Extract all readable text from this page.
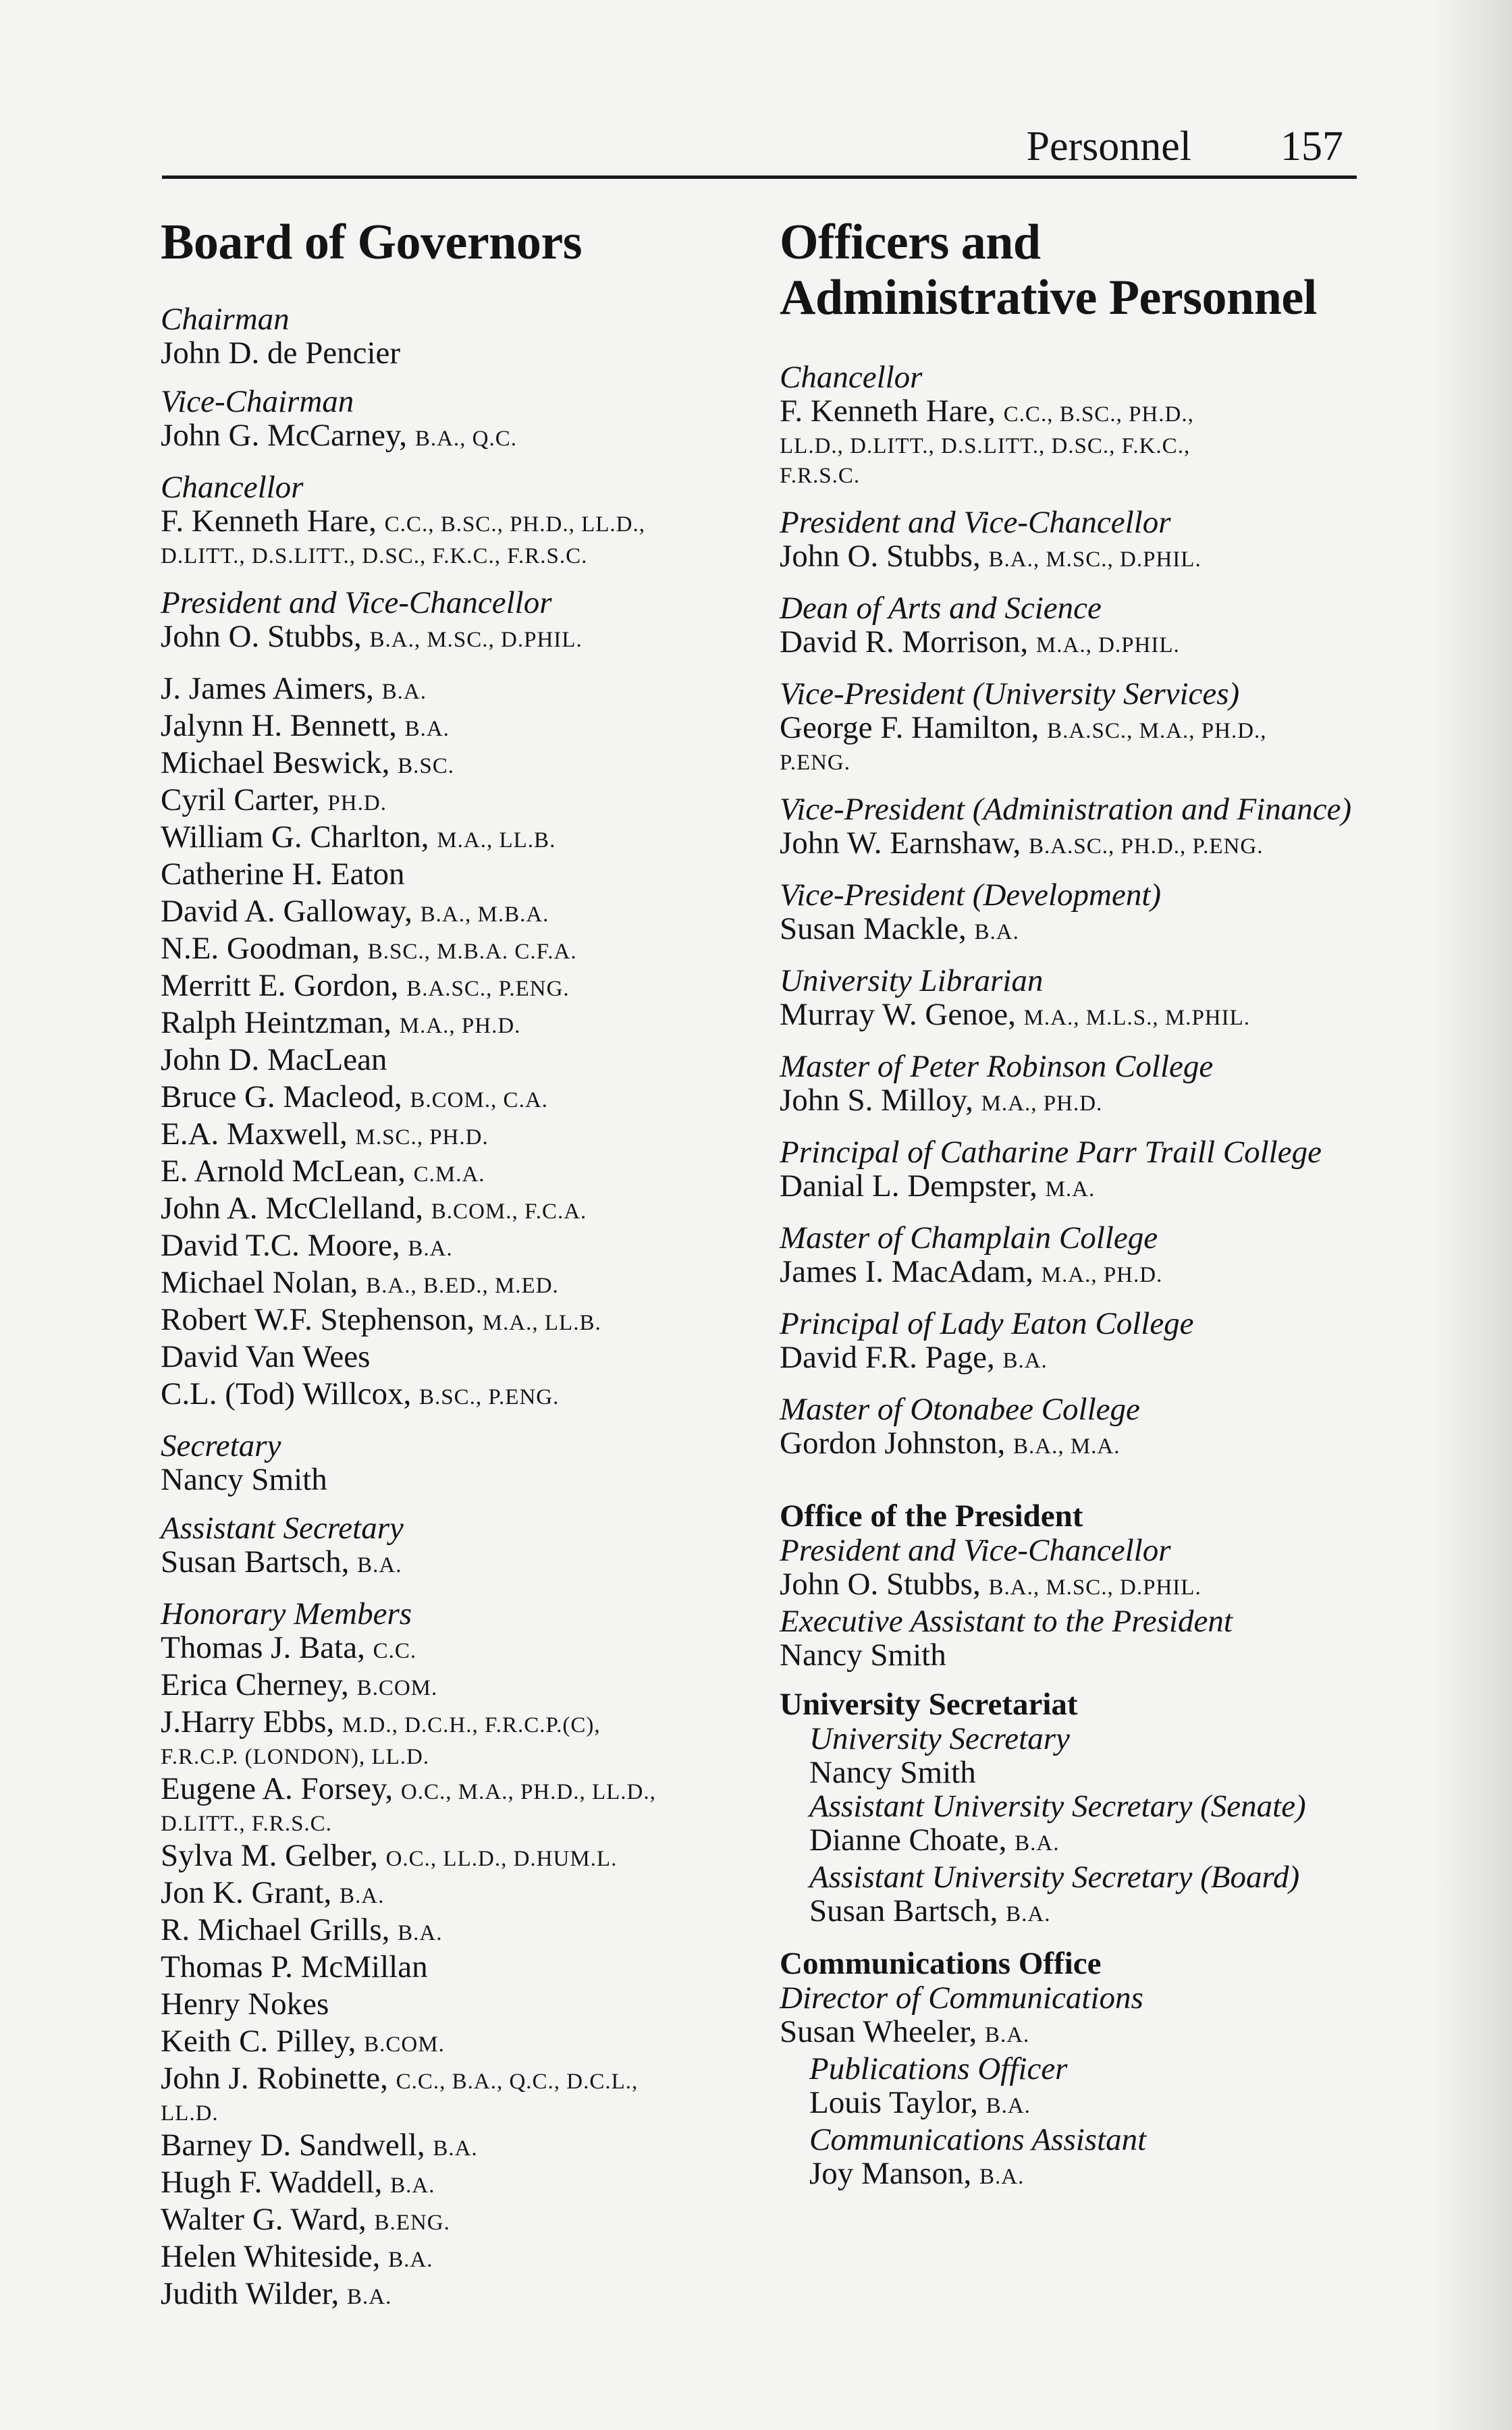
Personnel 157
Board of Governors
Chairman
John D. de Pencier
Vice-Chairman
John G. McCarney, B.A., Q.C.
Chancellor
F. Kenneth Hare, C.C., B.SC., PH.D., LL.D.,
D.LITT., D.S.LITT., D.SC., F.K.C., F.R.S.C.
President and Vice-Chancellor
John O. Stubbs, B.A., M.SC., D.PHIL.
J. James Aimers, B.A.
Jalynn H. Bennett, B.A.
Michael Beswick, B.SC.
Cyril Carter, PH.D.
William G. Charlton, M.A., LL.B.
Catherine H. Eaton
David A. Galloway, B.A., M.B.A.
N.E. Goodman, B.SC., M.B.A. C.F.A.
Merritt E. Gordon, B.A.SC., P.ENG.
Ralph Heintzman, M.A., PH.D.
John D. MacLean
Bruce G. Macleod, B.COM., C.A.
E.A. Maxwell, M.SC., PH.D.
E. Arnold McLean, C.M.A.
John A. McClelland, B.COM., F.C.A.
David T.C. Moore, B.A.
Michael Nolan, B.A., B.ED., M.ED.
Robert W.F. Stephenson, M.A., LL.B.
David Van Wees
C.L. (Tod) Willcox, B.SC., P.ENG.
Secretary
Nancy Smith
Assistant Secretary
Susan Bartsch, B.A.
Honorary Members
Thomas J. Bata, C.C.
Erica Cherney, B.COM.
J.Harry Ebbs, M.D., D.C.H., F.R.C.P.(C),
F.R.C.P. (LONDON), LL.D.
Eugene A. Forsey, O.C., M.A., PH.D., LL.D.,
D.LITT., F.R.S.C.
Sylva M. Gelber, O.C., LL.D., D.HUM.L.
Jon K. Grant, B.A.
R. Michael Grills, B.A.
Thomas P. McMillan
Henry Nokes
Keith C. Pilley, B.COM.
John J. Robinette, C.C., B.A., Q.C., D.C.L.,
LL.D.
Barney D. Sandwell, B.A.
Hugh F. Waddell, B.A.
Walter G. Ward, B.ENG.
Helen Whiteside, B.A.
Judith Wilder, B.A.
Officers and
Administrative Personnel
Chancellor
F. Kenneth Hare, C.C., B.SC., PH.D.,
LL.D., D.LITT., D.S.LITT., D.SC., F.K.C.,
F.R.S.C.
President and Vice-Chancellor
John O. Stubbs, B.A., M.SC., D.PHIL.
Dean of Arts and Science
David R. Morrison, M.A., D.PHIL.
Vice-President (University Services)
George F. Hamilton, B.A.SC., M.A., PH.D.,
P.ENG.
Vice-President (Administration and Finance)
John W. Earnshaw, B.A.SC., PH.D., P.ENG.
Vice-President (Development)
Susan Mackle, B.A.
University Librarian
Murray W. Genoe, M.A., M.L.S., M.PHIL.
Master of Peter Robinson College
John S. Milloy, M.A., PH.D.
Principal of Catharine Parr Traill College
Danial L. Dempster, M.A.
Master of Champlain College
James I. MacAdam, M.A., PH.D.
Principal of Lady Eaton College
David F.R. Page, B.A.
Master of Otonabee College
Gordon Johnston, B.A., M.A.
Office of the President
President and Vice-Chancellor
John O. Stubbs, B.A., M.SC., D.PHIL.
Executive Assistant to the President
Nancy Smith
University Secretariat
University Secretary
Nancy Smith
Assistant University Secretary (Senate)
Dianne Choate, B.A.
Assistant University Secretary (Board)
Susan Bartsch, B.A.
Communications Office
Director of Communications
Susan Wheeler, B.A.
Publications Officer
Louis Taylor, B.A.
Communications Assistant
Joy Manson, B.A.
